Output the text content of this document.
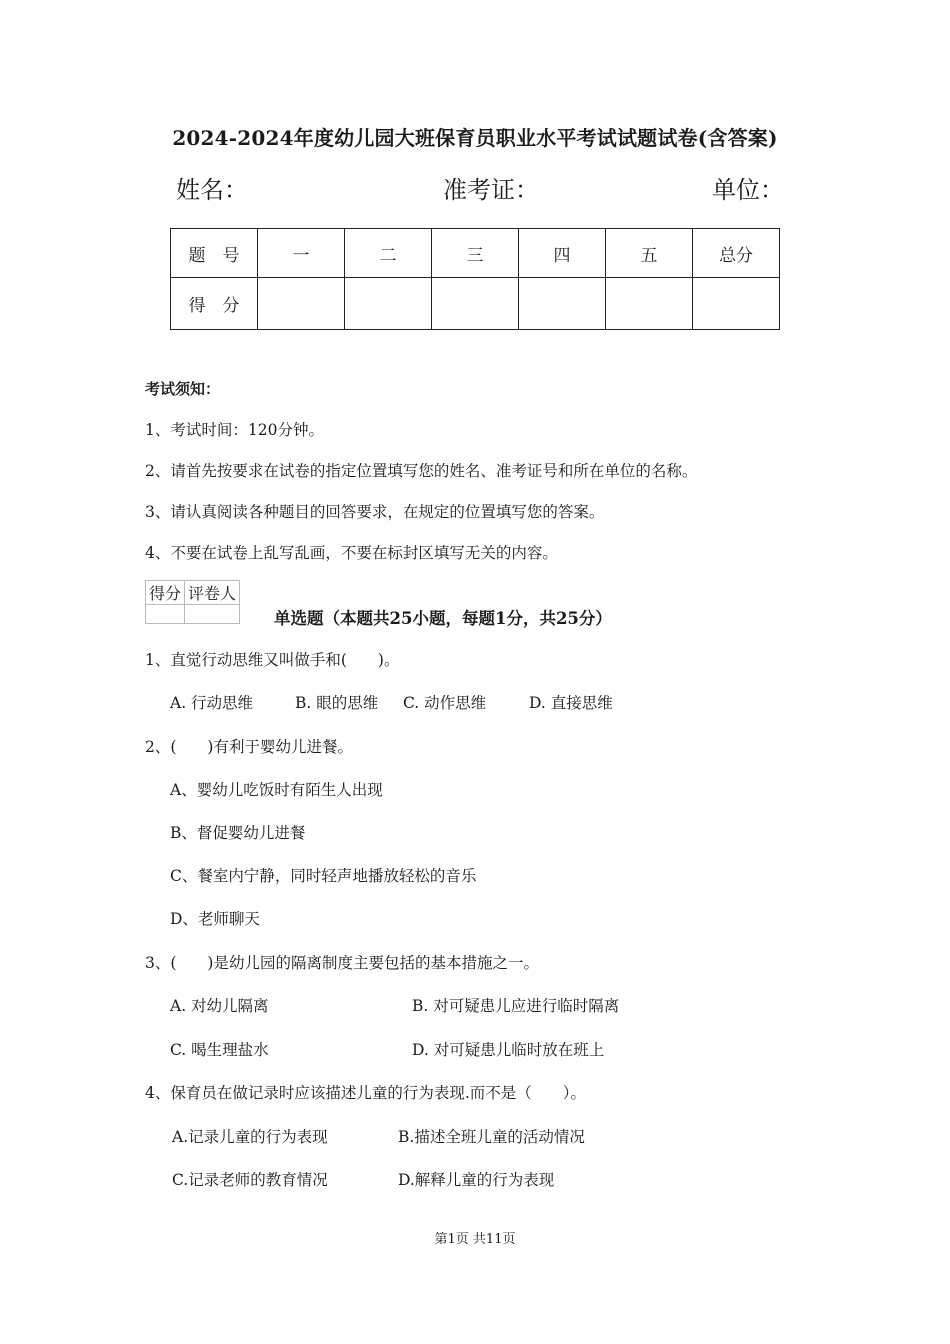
2024-2024年度幼儿园大班保育员职业水平考试试题试卷(含答案)
姓名：	准考证：	单位：
题　号	一	二	三	四	五	总分
得　分						
考试须知：
1、考试时间：120分钟。
2、请首先按要求在试卷的指定位置填写您的姓名、准考证号和所在单位的名称。
3、请认真阅读各种题目的回答要求，在规定的位置填写您的答案。
4、不要在试卷上乱写乱画，不要在标封区填写无关的内容。
得分	评卷人

单选题（本题共25小题，每题1分，共25分）
1、直觉行动思维又叫做手和(　　)。
A. 行动思维	B. 眼的思维 C. 动作思维	D. 直接思维
2、(　　)有利于婴幼儿进餐。
A、婴幼儿吃饭时有陌生人出现
B、督促婴幼儿进餐
C、餐室内宁静，同时轻声地播放轻松的音乐
D、老师聊天
3、(　　)是幼儿园的隔离制度主要包括的基本措施之一。
A. 对幼儿隔离	B. 对可疑患儿应进行临时隔离
C. 喝生理盐水	D. 对可疑患儿临时放在班上
4、保育员在做记录时应该描述儿童的行为表现.而不是（　　）。
A.记录儿童的行为表现	B.描述全班儿童的活动情况
C.记录老师的教育情况	D.解释儿童的行为表现
第1页 共11页
